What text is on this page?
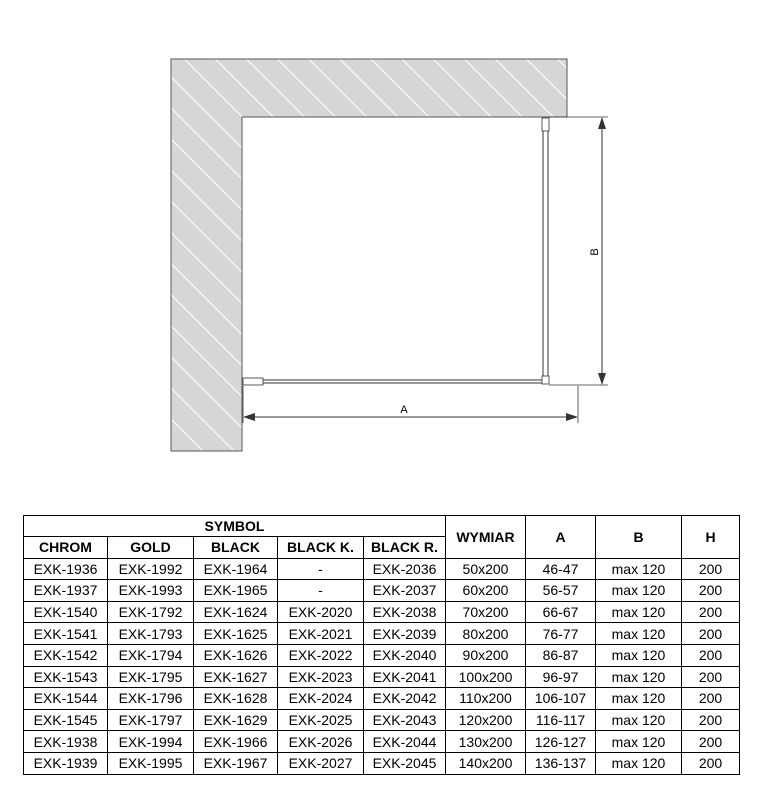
B
A
SYMBOL					WYMIAR	A	B	H
CHROM	GOLD	BLACK	BLACK K.	BLACK R.				
EXK-1936	EXK-1992	EXK-1964	-	EXK-2036	50x200	46-47	max 120	200
EXK-1937	EXK-1993	EXK-1965	-	EXK-2037	60x200	56-57	max 120	200
EXK-1540	EXK-1792	EXK-1624	EXK-2020	EXK-2038	70x200	66-67	max 120	200
EXK-1541	EXK-1793	EXK-1625	EXK-2021	EXK-2039	80x200	76-77	max 120	200
EXK-1542	EXK-1794	EXK-1626	EXK-2022	EXK-2040	90x200	86-87	max 120	200
EXK-1543	EXK-1795	EXK-1627	EXK-2023	EXK-2041	100x200	96-97	max 120	200
EXK-1544	EXK-1796	EXK-1628	EXK-2024	EXK-2042	110x200	106-107	max 120	200
EXK-1545	EXK-1797	EXK-1629	EXK-2025	EXK-2043	120x200	116-117	max 120	200
EXK-1938	EXK-1994	EXK-1966	EXK-2026	EXK-2044	130x200	126-127	max 120	200
EXK-1939	EXK-1995	EXK-1967	EXK-2027	EXK-2045	140x200	136-137	max 120	200
